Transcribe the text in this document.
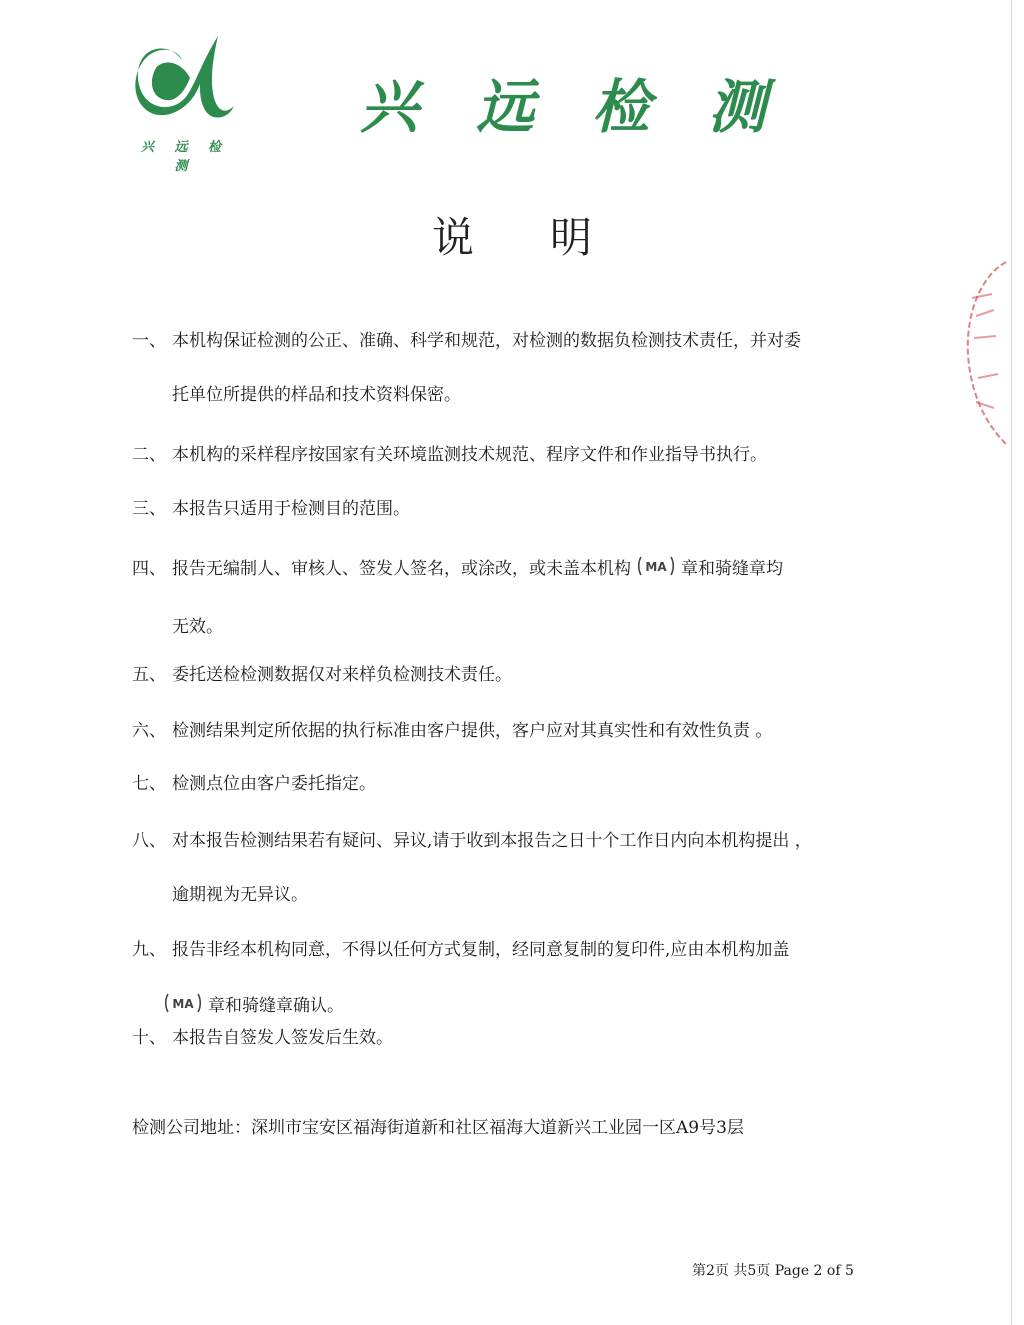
兴 远 检 测
兴远检测
说明
一、 本机构保证检测的公正、准确、科学和规范，对检测的数据负检测技术责任，并对委
托单位所提供的样品和技术资料保密。
二、 本机构的采样程序按国家有关环境监测技术规范、程序文件和作业指导书执行。
三、 本报告只适用于检测目的范围。
四、 报告无编制人、审核人、签发人签名，或涂改，或未盖本机构 MA 章和骑缝章均
无效。
五、 委托送检检测数据仅对来样负检测技术责任。
六、 检测结果判定所依据的执行标准由客户提供，客户应对其真实性和有效性负责 。
七、 检测点位由客户委托指定。
八、 对本报告检测结果若有疑问、异议,请于收到本报告之日十个工作日内向本机构提出 ，
逾期视为无异议。
九、 报告非经本机构同意，不得以任何方式复制，经同意复制的复印件,应由本机构加盖
MA 章和骑缝章确认。
十、 本报告自签发人签发后生效。
检测公司地址：深圳市宝安区福海街道新和社区福海大道新兴工业园一区A9号3层
第2页 共5页 Page 2 of 5
